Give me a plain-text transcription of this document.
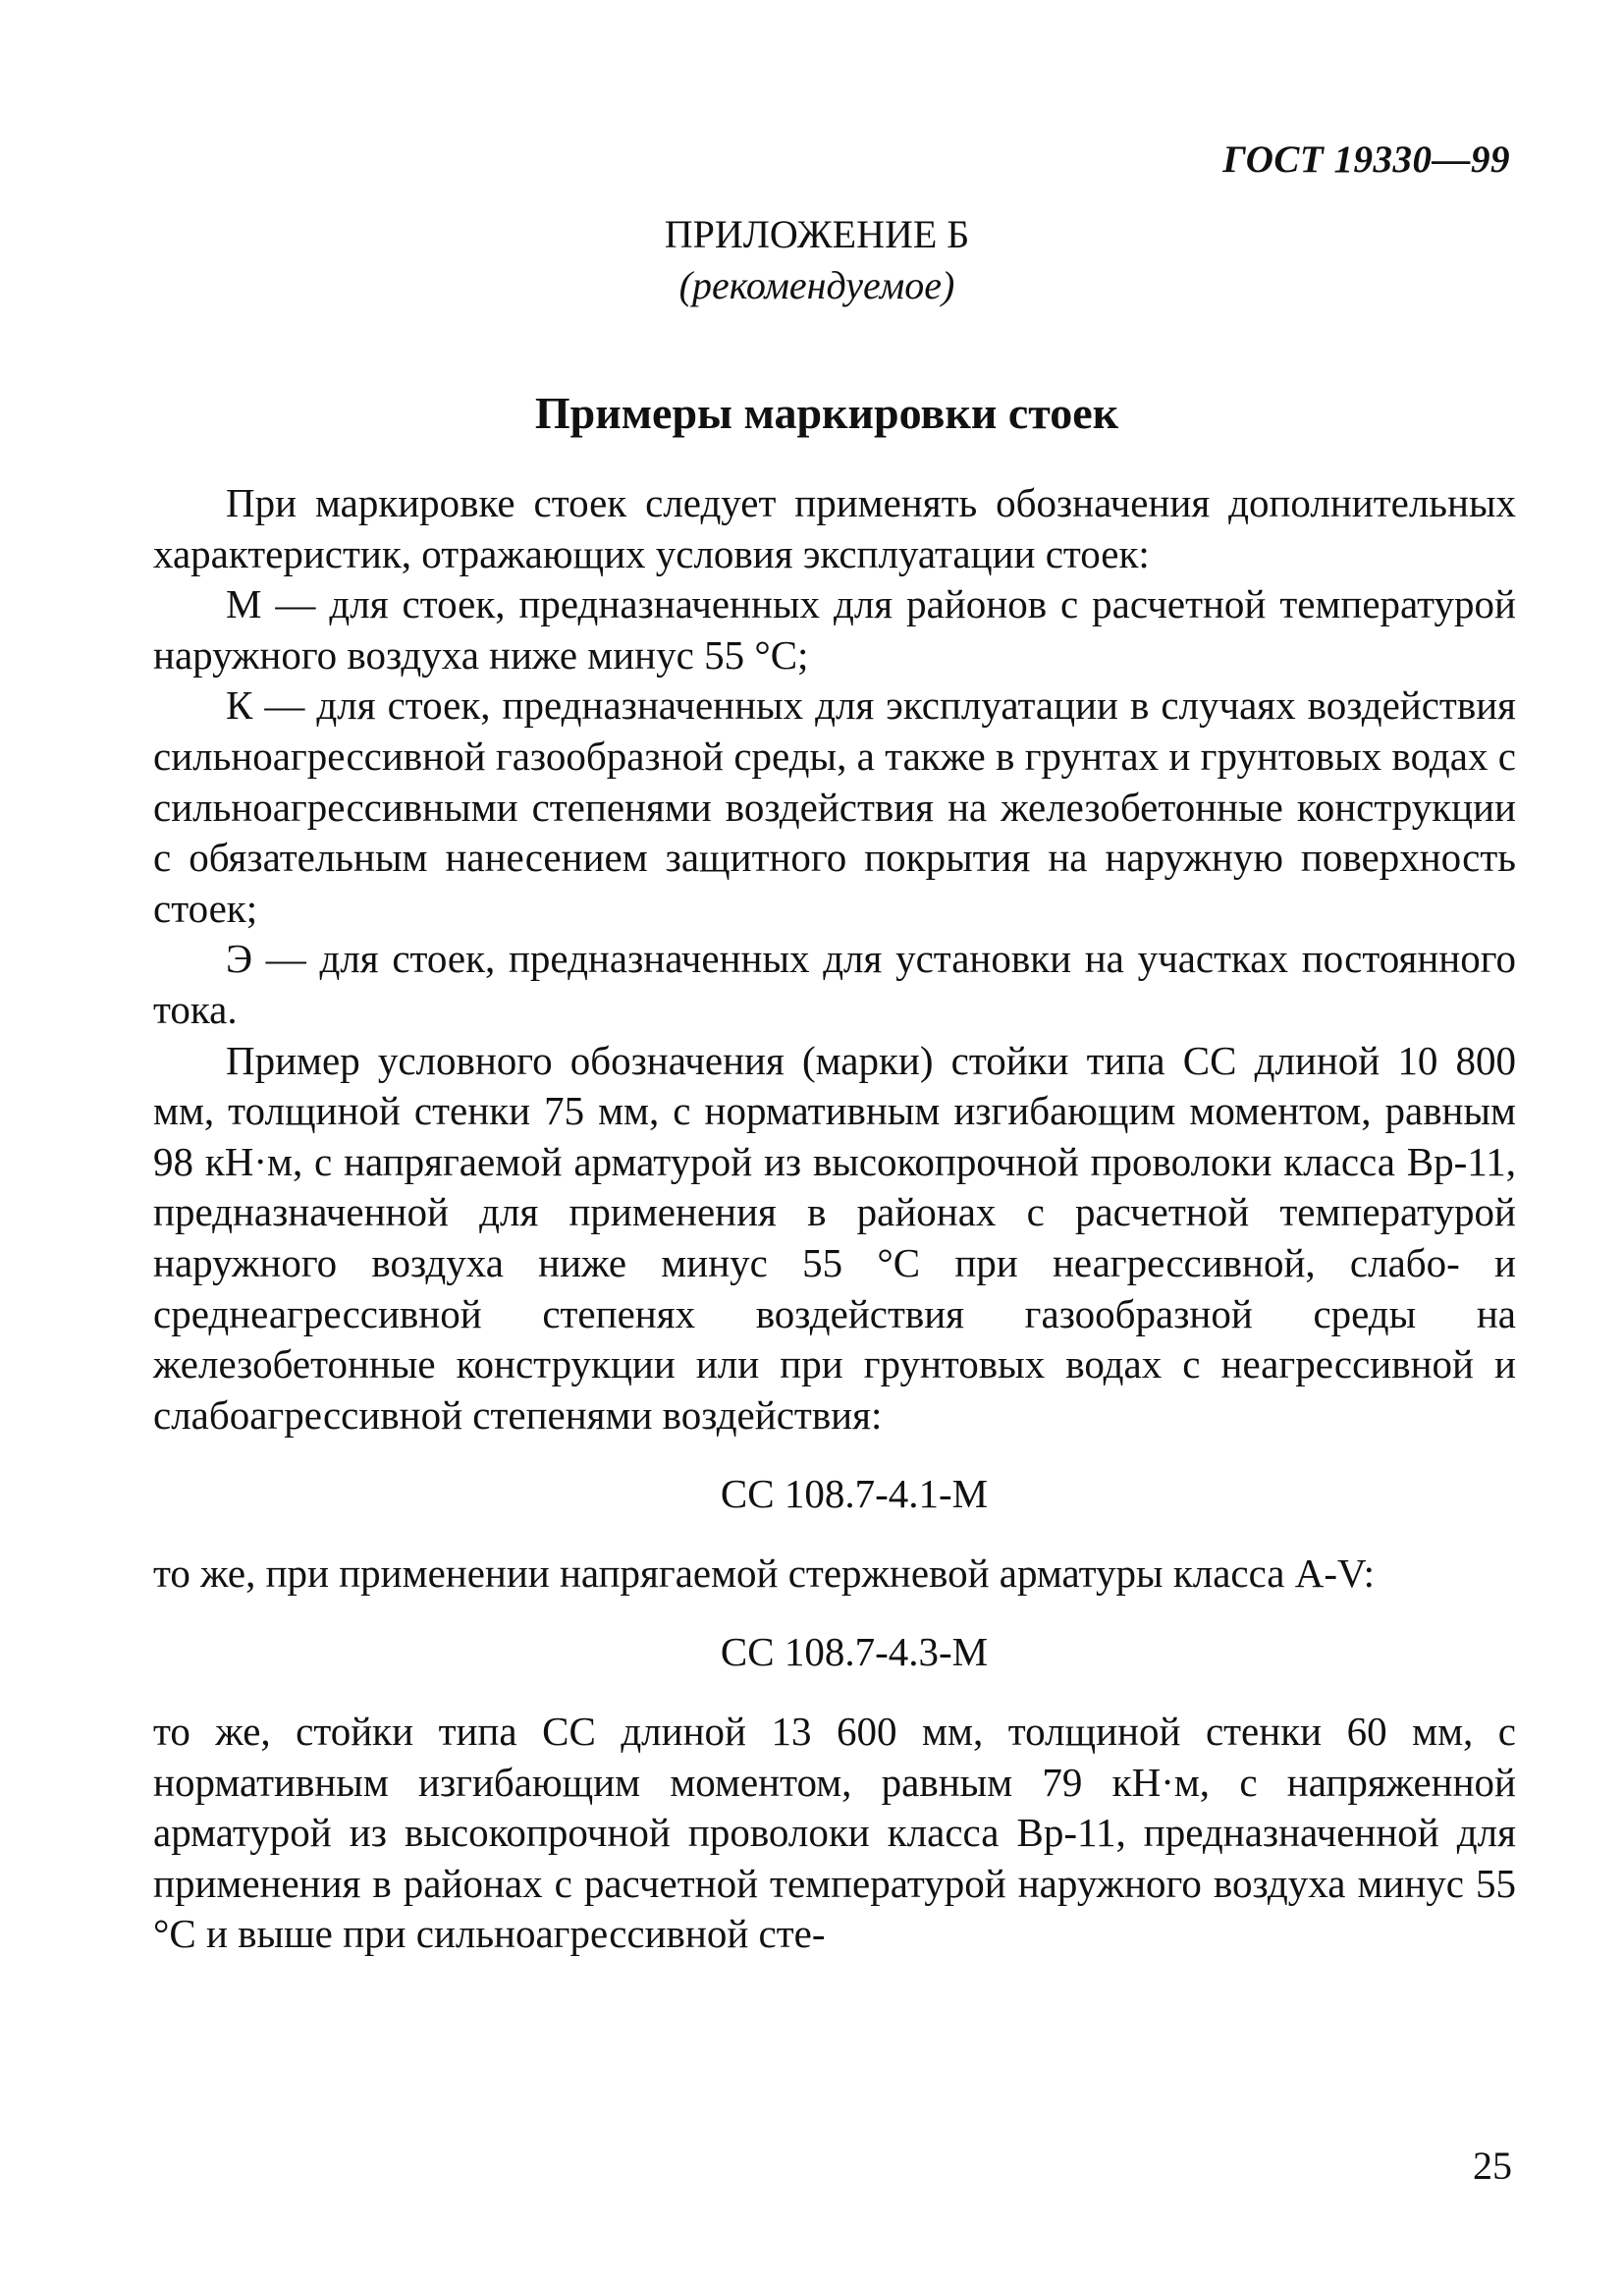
ГОСТ 19330—99
ПРИЛОЖЕНИЕ Б
(рекомендуемое)
Примеры маркировки стоек

При маркировке стоек следует применять обозначения дополнительных характеристик, отражающих условия эксплуатации стоек:

М — для стоек, предназначенных для районов с расчетной температурой наружного воздуха ниже минус 55 °С;

К — для стоек, предназначенных для эксплуатации в случаях воздействия сильноагрессивной газообразной среды, а также в грунтах и грунтовых водах с сильноагрессивными степенями воздействия на железобетонные конструкции с обязательным нанесением защитного покрытия на наружную поверхность стоек;

Э — для стоек, предназначенных для установки на участках постоянного тока.

Пример условного обозначения (марки) стойки типа СС длиной 10 800 мм, толщиной стенки 75 мм, с нормативным изгибающим моментом, равным 98 кН·м, с напрягаемой арматурой из высокопрочной проволоки класса Вр-11, предназначенной для применения в районах с расчетной температурой наружного воздуха ниже минус 55 °С при неагрессивной, слабо- и среднеагрессивной степенях воздействия газообразной среды на железобетонные конструкции или при грунтовых водах с неагрессивной и слабоагрессивной степенями воздействия:

СС 108.7-4.1-М

то же, при применении напрягаемой стержневой арматуры класса A-V:

СС 108.7-4.3-М

то же, стойки типа СС длиной 13 600 мм, толщиной стенки 60 мм, с нормативным изгибающим моментом, равным 79 кН·м, с напряженной арматурой из высокопрочной проволоки класса Вр-11, предназначенной для применения в районах с расчетной температурой наружного воздуха минус 55 °С и выше при сильноагрессивной сте-

25
